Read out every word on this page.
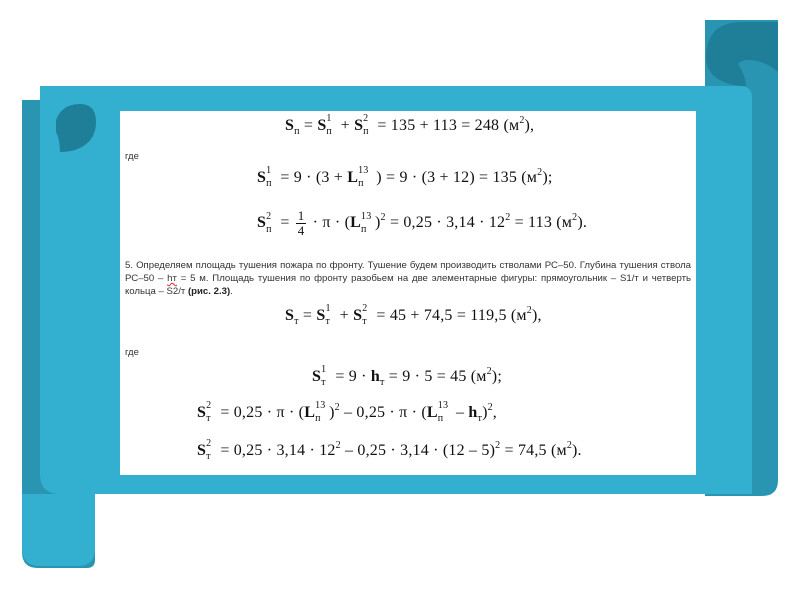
$S_п = S$ 1
п + S 2
п = 135 + 113 = 248 $(м^2)$,
где
S 1
п = 9 · (3 + L 13
п ) = 9 · (3 + 12) = 135 $(м^2)$;
S 2
$п = \frac{1}{4} \cdot \pi \cdot (L$ 13
п )$^2 = 0,25 \cdot 3,14 \cdot 12^2 = 113$ $(м^2)$.
5. Определяем площадь тушения пожара по фронту. Тушение будем производить стволами РС–50. Глубина тушения ствола РС–50 – hт = 5 м. Площадь тушения по фронту разобьем на две элементарные фигуры: прямоугольник – S1/т и четверть кольца – S2/т (рис. 2.3).
$S_т = S$ 1
т + S 2
т = 45 + 74,5 = 119,5 $(м^2)$,
где
S 1
$т = 9 \cdot h_т = 9 \cdot 5 = 45$ $(м^2)$;
S 2
т = 0,25 · π · (L 13
п )$^2$ – 0,25 · π · (L 13
п – $h_т)^2$,
S 2
$т = 0,25 \cdot 3,14 \cdot 12^2 - 0,25 \cdot 3,14 \cdot (12 - 5)^2 = 74,5$ $(м^2)$.
